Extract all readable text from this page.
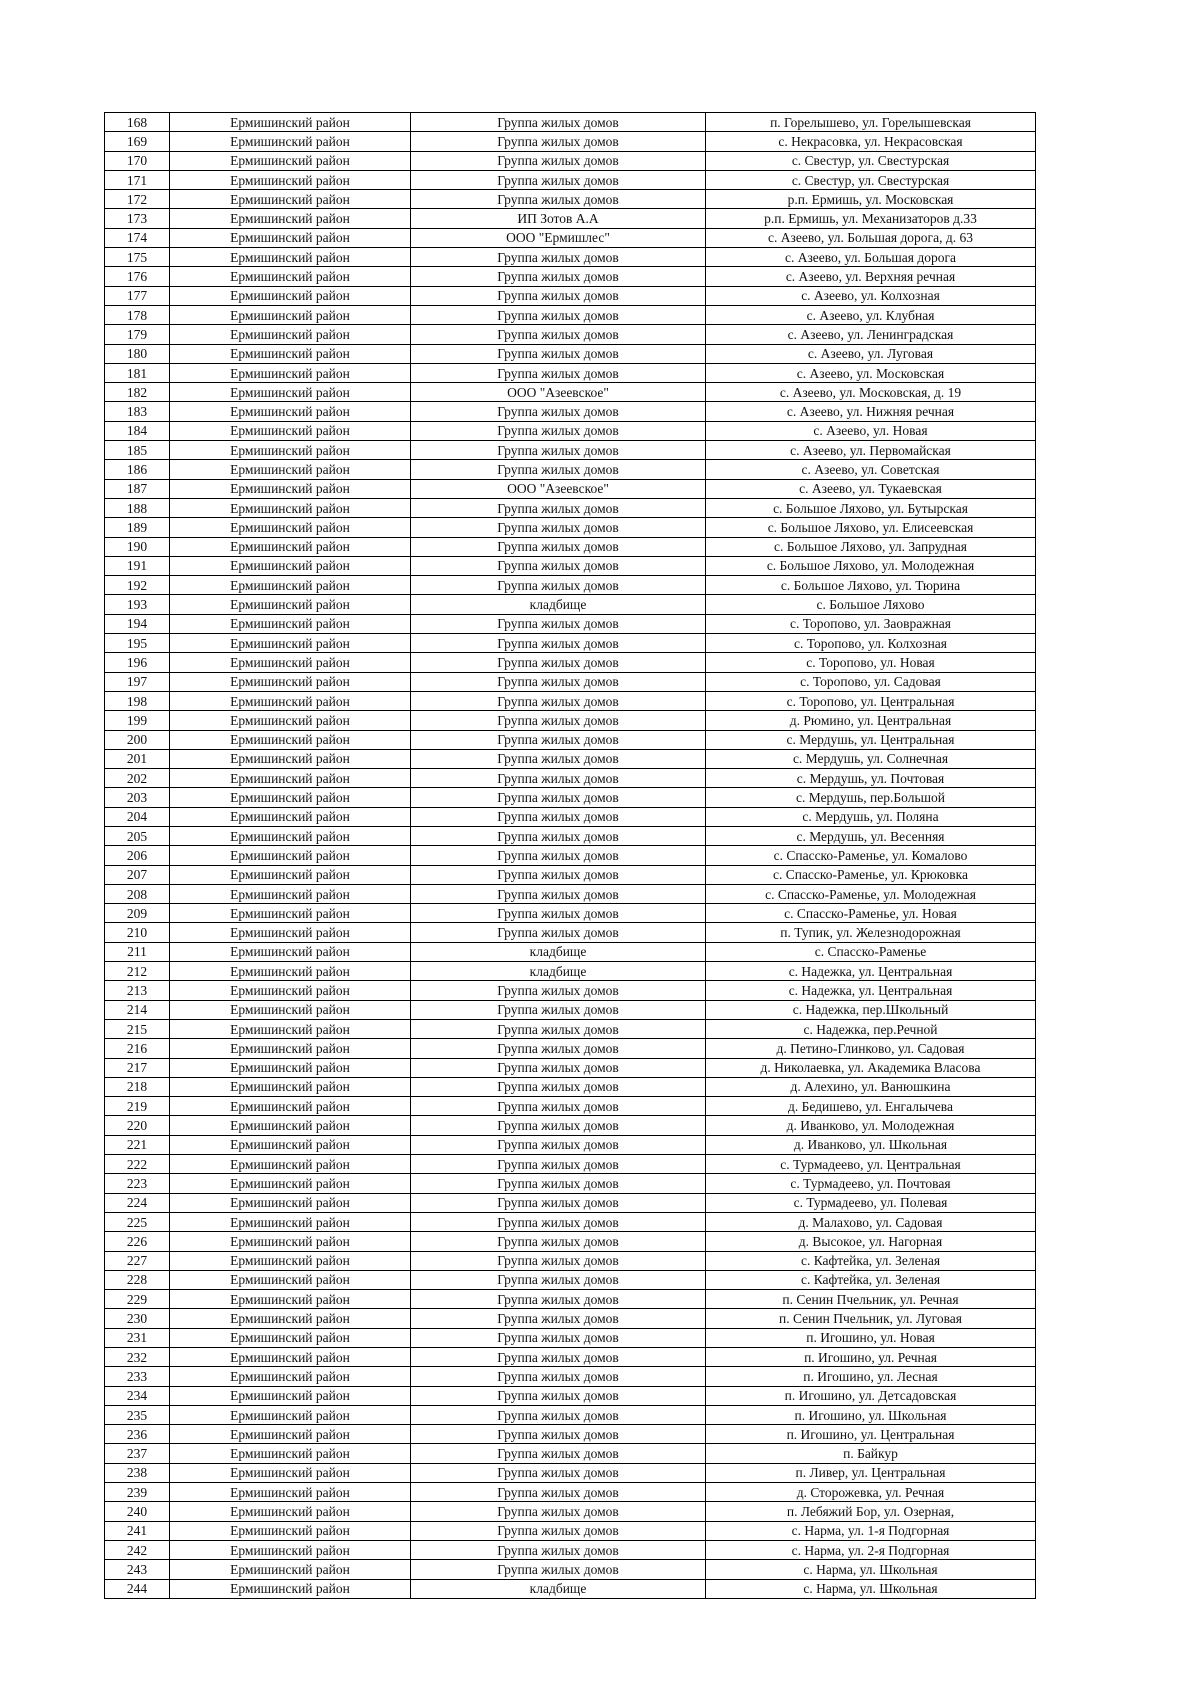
168	Ермишинский район	Группа жилых домов	п. Горелышево, ул. Горелышевская
169	Ермишинский район	Группа жилых домов	с. Некрасовка, ул. Некрасовская
170	Ермишинский район	Группа жилых домов	с. Свестур, ул. Свестурская
171	Ермишинский район	Группа жилых домов	с. Свестур, ул. Свестурская
172	Ермишинский район	Группа жилых домов	р.п. Ермишь, ул. Московская
173	Ермишинский район	ИП Зотов А.А	р.п. Ермишь, ул. Механизаторов д.33
174	Ермишинский район	ООО "Ермишлес"	с. Азеево, ул. Большая дорога, д. 63
175	Ермишинский район	Группа жилых домов	с. Азеево, ул. Большая дорога
176	Ермишинский район	Группа жилых домов	с. Азеево, ул. Верхняя речная
177	Ермишинский район	Группа жилых домов	с. Азеево, ул. Колхозная
178	Ермишинский район	Группа жилых домов	с. Азеево, ул. Клубная
179	Ермишинский район	Группа жилых домов	с. Азеево, ул. Ленинградская
180	Ермишинский район	Группа жилых домов	с. Азеево, ул. Луговая
181	Ермишинский район	Группа жилых домов	с. Азеево, ул. Московская
182	Ермишинский район	ООО "Азеевское"	с. Азеево, ул. Московская, д. 19
183	Ермишинский район	Группа жилых домов	с. Азеево, ул. Нижняя речная
184	Ермишинский район	Группа жилых домов	с. Азеево, ул. Новая
185	Ермишинский район	Группа жилых домов	с. Азеево, ул. Первомайская
186	Ермишинский район	Группа жилых домов	с. Азеево, ул. Советская
187	Ермишинский район	ООО "Азеевское"	с. Азеево, ул. Тукаевская
188	Ермишинский район	Группа жилых домов	с. Большое Ляхово, ул. Бутырская
189	Ермишинский район	Группа жилых домов	с. Большое Ляхово, ул. Елисеевская
190	Ермишинский район	Группа жилых домов	с. Большое Ляхово, ул. Запрудная
191	Ермишинский район	Группа жилых домов	с. Большое Ляхово, ул. Молодежная
192	Ермишинский район	Группа жилых домов	с. Большое Ляхово, ул. Тюрина
193	Ермишинский район	кладбище	с. Большое Ляхово
194	Ермишинский район	Группа жилых домов	с. Торопово, ул. Заовражная
195	Ермишинский район	Группа жилых домов	с. Торопово, ул. Колхозная
196	Ермишинский район	Группа жилых домов	с. Торопово, ул. Новая
197	Ермишинский район	Группа жилых домов	с. Торопово, ул. Садовая
198	Ермишинский район	Группа жилых домов	с. Торопово, ул. Центральная
199	Ермишинский район	Группа жилых домов	д. Рюмино, ул. Центральная
200	Ермишинский район	Группа жилых домов	с. Мердушь, ул. Центральная
201	Ермишинский район	Группа жилых домов	с. Мердушь, ул. Солнечная
202	Ермишинский район	Группа жилых домов	с. Мердушь, ул. Почтовая
203	Ермишинский район	Группа жилых домов	с. Мердушь, пер.Большой
204	Ермишинский район	Группа жилых домов	с. Мердушь, ул. Поляна
205	Ермишинский район	Группа жилых домов	с. Мердушь, ул. Весенняя
206	Ермишинский район	Группа жилых домов	с. Спасско-Раменье, ул. Комалово
207	Ермишинский район	Группа жилых домов	с. Спасско-Раменье, ул. Крюковка
208	Ермишинский район	Группа жилых домов	с. Спасско-Раменье, ул. Молодежная
209	Ермишинский район	Группа жилых домов	с. Спасско-Раменье, ул. Новая
210	Ермишинский район	Группа жилых домов	п. Тупик, ул. Железнодорожная
211	Ермишинский район	кладбище	с. Спасско-Раменье
212	Ермишинский район	кладбище	с. Надежка, ул. Центральная
213	Ермишинский район	Группа жилых домов	с. Надежка, ул. Центральная
214	Ермишинский район	Группа жилых домов	с. Надежка, пер.Школьный
215	Ермишинский район	Группа жилых домов	с. Надежка, пер.Речной
216	Ермишинский район	Группа жилых домов	д. Петино-Глинково, ул. Садовая
217	Ермишинский район	Группа жилых домов	д. Николаевка, ул. Академика Власова
218	Ермишинский район	Группа жилых домов	д. Алехино, ул. Ванюшкина
219	Ермишинский район	Группа жилых домов	д. Бедишево, ул. Енгалычева
220	Ермишинский район	Группа жилых домов	д. Иванково, ул. Молодежная
221	Ермишинский район	Группа жилых домов	д. Иванково, ул. Школьная
222	Ермишинский район	Группа жилых домов	с. Турмадеево, ул. Центральная
223	Ермишинский район	Группа жилых домов	с. Турмадеево, ул. Почтовая
224	Ермишинский район	Группа жилых домов	с. Турмадеево, ул. Полевая
225	Ермишинский район	Группа жилых домов	д. Малахово, ул. Садовая
226	Ермишинский район	Группа жилых домов	д. Высокое, ул. Нагорная
227	Ермишинский район	Группа жилых домов	с. Кафтейка, ул. Зеленая
228	Ермишинский район	Группа жилых домов	с. Кафтейка, ул. Зеленая
229	Ермишинский район	Группа жилых домов	п. Сенин Пчельник, ул. Речная
230	Ермишинский район	Группа жилых домов	п. Сенин Пчельник, ул. Луговая
231	Ермишинский район	Группа жилых домов	п. Игошино, ул. Новая
232	Ермишинский район	Группа жилых домов	п. Игошино, ул. Речная
233	Ермишинский район	Группа жилых домов	п. Игошино, ул. Лесная
234	Ермишинский район	Группа жилых домов	п. Игошино, ул. Детсадовская
235	Ермишинский район	Группа жилых домов	п. Игошино, ул. Школьная
236	Ермишинский район	Группа жилых домов	п. Игошино, ул. Центральная
237	Ермишинский район	Группа жилых домов	п. Байкур
238	Ермишинский район	Группа жилых домов	п. Ливер, ул. Центральная
239	Ермишинский район	Группа жилых домов	д. Сторожевка, ул. Речная
240	Ермишинский район	Группа жилых домов	п. Лебяжий Бор, ул. Озерная,
241	Ермишинский район	Группа жилых домов	с. Нарма, ул. 1-я Подгорная
242	Ермишинский район	Группа жилых домов	с. Нарма, ул. 2-я Подгорная
243	Ермишинский район	Группа жилых домов	с. Нарма, ул. Школьная
244	Ермишинский район	кладбище	с. Нарма, ул. Школьная
